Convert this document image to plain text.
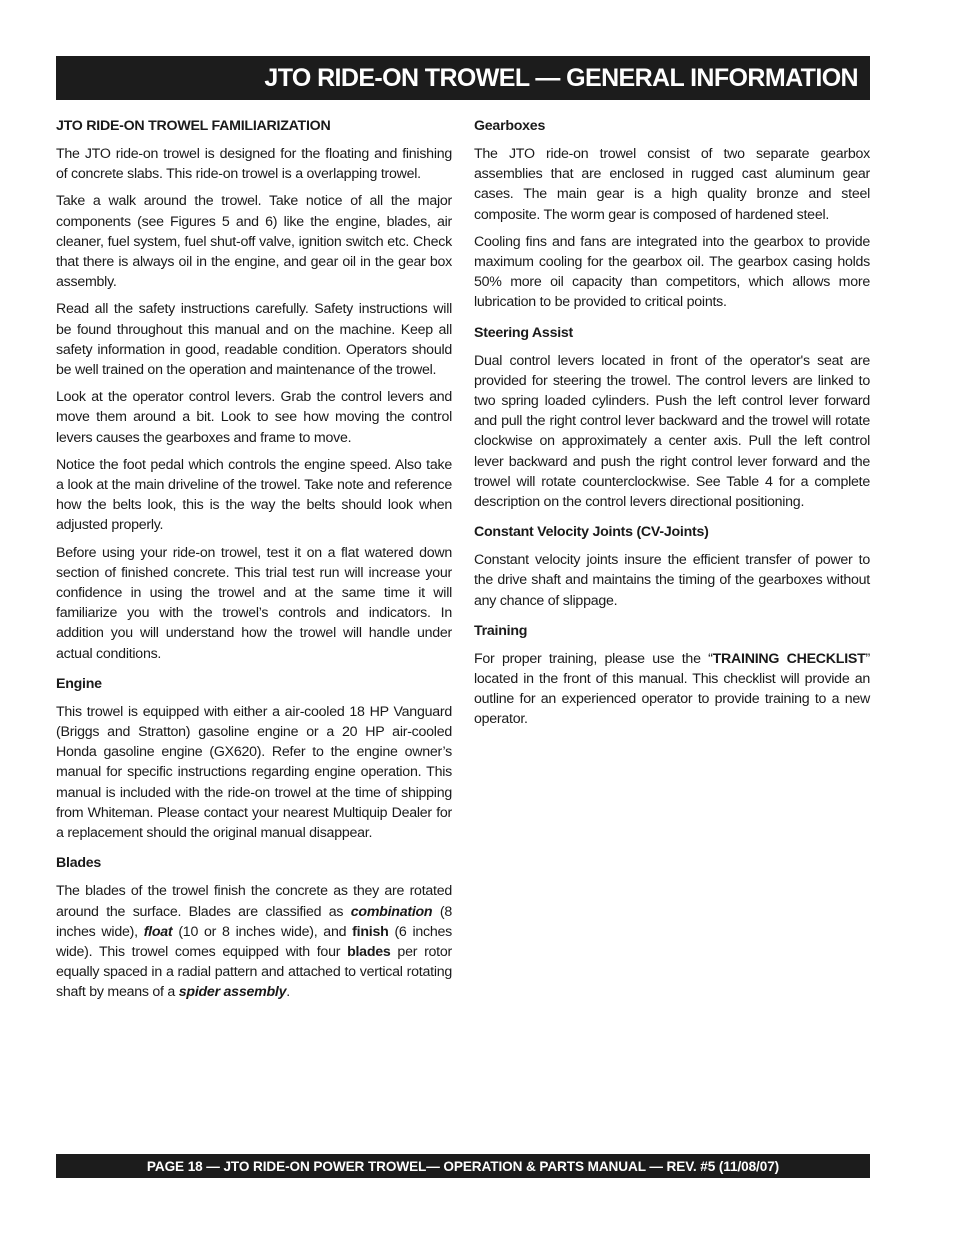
JTO RIDE-ON TROWEL — GENERAL INFORMATION
JTO RIDE-ON TROWEL FAMILIARIZATION

The JTO ride-on trowel is designed for the floating and finishing of concrete slabs. This ride-on trowel is a overlapping trowel.

Take a walk around the trowel. Take notice of all the major components (see Figures 5 and 6) like the engine, blades, air cleaner, fuel system, fuel shut-off valve, ignition switch etc. Check that there is always oil in the engine, and gear oil in the gear box assembly.

Read all the safety instructions carefully. Safety instructions will be found throughout this manual and on the machine. Keep all safety information in good, readable condition. Operators should be well trained on the operation and maintenance of the trowel.

Look at the operator control levers. Grab the control levers and move them around a bit. Look to see how moving the control levers causes the gearboxes and frame to move.

Notice the foot pedal which controls the engine speed. Also take a look at the main driveline of the trowel. Take note and reference how the belts look, this is the way the belts should look when adjusted properly.

Before using your ride-on trowel, test it on a flat watered down section of finished concrete. This trial test run will increase your confidence in using the trowel and at the same time it will familiarize you with the trowel’s controls and indicators. In addition you will understand how the trowel will handle under actual conditions.

Engine

This trowel is equipped with either a air-cooled 18 HP Vanguard (Briggs and Stratton) gasoline engine or a 20 HP air-cooled Honda gasoline engine (GX620). Refer to the engine owner’s manual for specific instructions regarding engine operation. This manual is included with the ride-on trowel at the time of shipping from Whiteman. Please contact your nearest Multiquip Dealer for a replacement should the original manual disappear.

Blades

The blades of the trowel finish the concrete as they are rotated around the surface. Blades are classified as combination (8 inches wide), float (10 or 8 inches wide), and finish (6 inches wide). This trowel comes equipped with four blades per rotor equally spaced in a radial pattern and attached to vertical rotating shaft by means of a spider assembly.

Gearboxes

The JTO ride-on trowel consist of two separate gearbox assemblies that are enclosed in rugged cast aluminum gear cases. The main gear is a high quality bronze and steel composite. The worm gear is composed of hardened steel.

Cooling fins and fans are integrated into the gearbox to provide maximum cooling for the gearbox oil. The gearbox casing holds 50% more oil capacity than competitors, which allows more lubrication to be provided to critical points.

Steering Assist

Dual control levers located in front of the operator's seat are provided for steering the trowel. The control levers are linked to two spring loaded cylinders. Push the left control lever forward and pull the right control lever backward and the trowel will rotate clockwise on approximately a center axis. Pull the left control lever backward and push the right control lever forward and the trowel will rotate counterclockwise. See Table 4 for a complete description on the control levers directional positioning.

Constant Velocity Joints (CV-Joints)

Constant velocity joints insure the efficient transfer of power to the drive shaft and maintains the timing of the gearboxes without any chance of slippage.

Training

For proper training, please use the “TRAINING CHECKLIST” located in the front of this manual. This checklist will provide an outline for an experienced operator to provide training to a new operator.

PAGE 18 — JTO RIDE-ON POWER TROWEL— OPERATION & PARTS MANUAL — REV. #5 (11/08/07)
